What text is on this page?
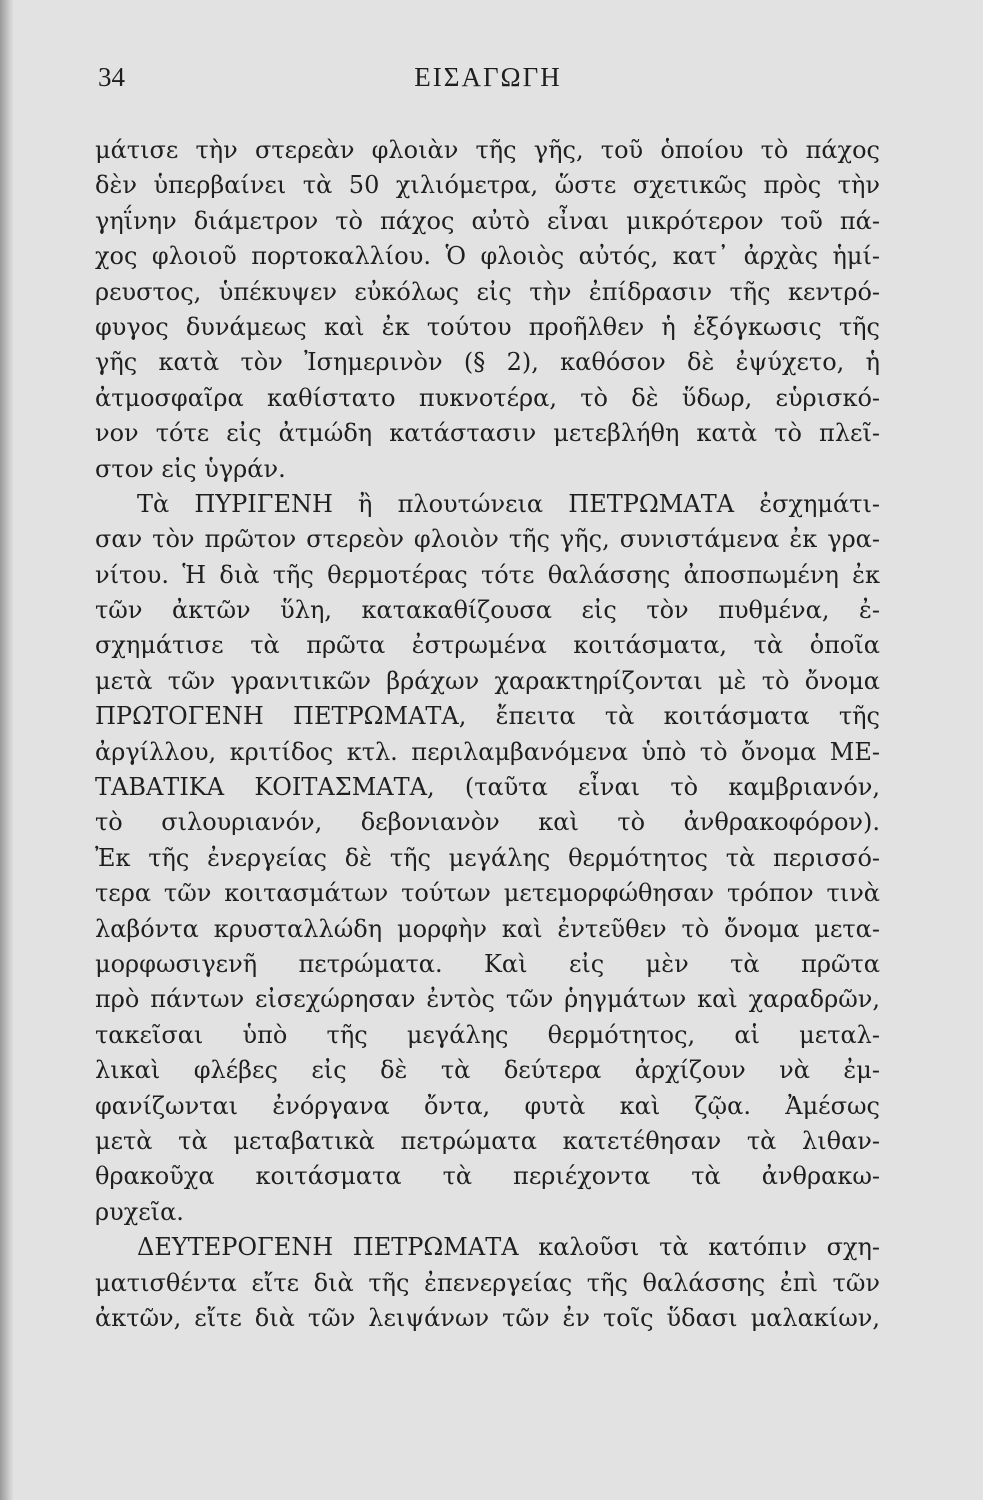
34	ΕΙΣΑΓΩΓΗ
μάτισε τὴν στερεὰν φλοιὰν τῆς γῆς, τοῦ ὁποίου τὸ πάχος
δὲν ὑπερβαίνει τὰ 50 χιλιόμετρα, ὥστε σχετικῶς πρὸς τὴν
γηΐνην διάμετρον τὸ πάχος αὐτὸ εἶναι μικρότερον τοῦ πά-
χος φλοιοῦ πορτοκαλλίου. Ὁ φλοιὸς αὐτός, κατ᾽ ἀρχὰς ἡμί-
ρευστος, ὑπέκυψεν εὐκόλως εἰς τὴν ἐπίδρασιν τῆς κεντρό-
φυγος δυνάμεως καὶ ἐκ τούτου προῆλθεν ἡ ἐξόγκωσις τῆς
γῆς κατὰ τὸν Ἰσημερινὸν (§ 2), καθόσον δὲ ἐψύχετο, ἡ
ἀτμοσφαῖρα καθίστατο πυκνοτέρα, τὸ δὲ ὕδωρ, εὑρισκό-
νον τότε εἰς ἀτμώδη κατάστασιν μετεβλήθη κατὰ τὸ πλεῖ-
στον εἰς ὑγράν.
Τὰ ΠΥΡΙΓΕΝΗ ἢ πλουτώνεια ΠΕΤΡΩΜΑΤΑ ἐσχημάτι-
σαν τὸν πρῶτον στερεὸν φλοιὸν τῆς γῆς, συνιστάμενα ἐκ γρα-
νίτου. Ἡ διὰ τῆς θερμοτέρας τότε θαλάσσης ἀποσπωμένη ἐκ
τῶν ἀκτῶν ὕλη, κατακαθίζουσα εἰς τὸν πυθμένα, ἐ-
σχημάτισε τὰ πρῶτα ἐστρωμένα κοιτάσματα, τὰ ὁποῖα
μετὰ τῶν γρανιτικῶν βράχων χαρακτηρίζονται μὲ τὸ ὄνομα
ΠΡΩΤΟΓΕΝΗ ΠΕΤΡΩΜΑΤΑ, ἔπειτα τὰ κοιτάσματα τῆς
ἀργίλλου, κριτίδος κτλ. περιλαμβανόμενα ὑπὸ τὸ ὄνομα ΜΕ-
ΤΑΒΑΤΙΚΑ ΚΟΙΤΑΣΜΑΤΑ, (ταῦτα εἶναι τὸ καμβριανόν,
τὸ σιλουριανόν, δεβονιανὸν καὶ τὸ ἀνθρακοφόρον).
Ἐκ τῆς ἐνεργείας δὲ τῆς μεγάλης θερμότητος τὰ περισσό-
τερα τῶν κοιτασμάτων τούτων μετεμορφώθησαν τρόπον τινὰ
λαβόντα κρυσταλλώδη μορφὴν καὶ ἐντεῦθεν τὸ ὄνομα μετα-
μορφωσιγενῆ πετρώματα. Καὶ εἰς μὲν τὰ πρῶτα
πρὸ πάντων εἰσεχώρησαν ἐντὸς τῶν ῥηγμάτων καὶ χαραδρῶν,
τακεῖσαι ὑπὸ τῆς μεγάλης θερμότητος, αἱ μεταλ-
λικαὶ φλέβες εἰς δὲ τὰ δεύτερα ἀρχίζουν νὰ ἐμ-
φανίζωνται ἐνόργανα ὄντα, φυτὰ καὶ ζῷα. Ἀμέσως
μετὰ τὰ μεταβατικὰ πετρώματα κατετέθησαν τὰ λιθαν-
θρακοῦχα κοιτάσματα τὰ περιέχοντα τὰ ἀνθρακω-
ρυχεῖα.
ΔΕΥΤΕΡΟΓΕΝΗ ΠΕΤΡΩΜΑΤΑ καλοῦσι τὰ κατόπιν σχη-
ματισθέντα εἴτε διὰ τῆς ἐπενεργείας τῆς θαλάσσης ἐπὶ τῶν
ἀκτῶν, εἴτε διὰ τῶν λειψάνων τῶν ἐν τοῖς ὕδασι μαλακίων,
